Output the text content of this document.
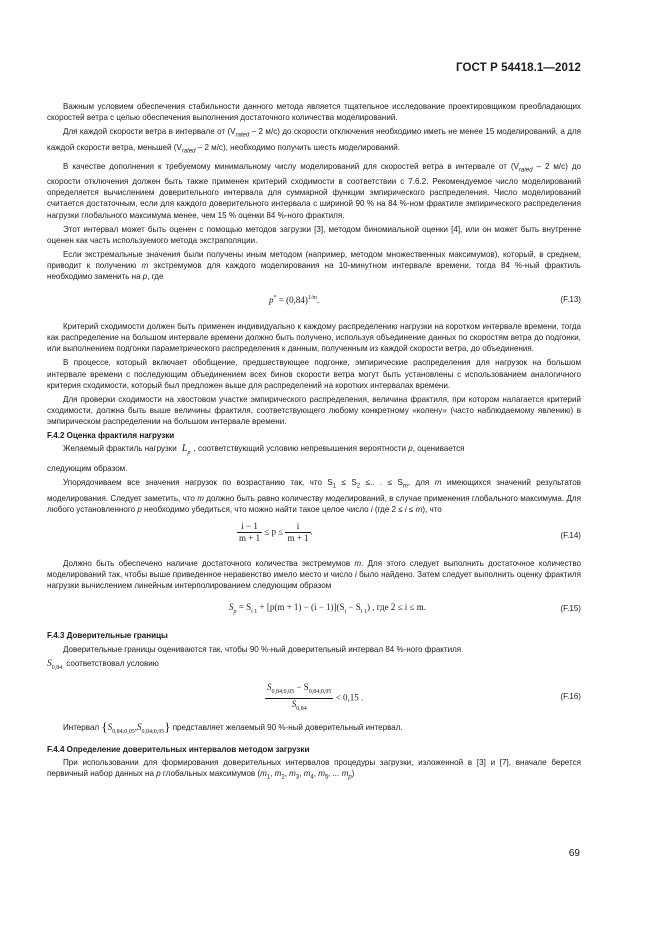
ГОСТ Р 54418.1—2012

Важным условием обеспечения стабильности данного метода является тщательное исследование проектировщиком преобладающих скоростей ветра с целью обеспечения выполнения достаточного количества моделирований.

Для каждой скорости ветра в интервале от ($V_{rated} - 2$ м/с) до скорости отключения необходимо иметь не менее 15 моделирований, а для каждой скорости ветра, меньшей ($V_{rated} - 2$ м/с), необходимо получить шесть моделирований.

В качестве дополнения к требуемому минимальному числу моделирований для скоростей ветра в интервале от ($V_{rated} - 2$ м/с) до скорости отключения должен быть также применен критерий сходимости в соответствии с 7.6.2. Рекомендуемое число моделирований определяется вычислением доверительного интервала для суммарной функции эмпирического распределения. Число моделирований считается достаточным, если для каждого доверительного интервала с шириной 90 % на 84 %-ном фрактиле эмпирического распределения нагрузки глобального максимума менее, чем 15 % оценки 84 %-ного фрактиля.

Этот интервал может быть оценен с помощью методов загрузки [3], методом биномиальной оценки [4], или он может быть внутренне оценен как часть используемого метода экстраполяции.

Если экстремальные значения были получены иным методом (например, методом множественных максимумов), который, в среднем, приводит к получению m экстремумов для каждого моделирования на 10-минутном интервале времени, тогда 84 %-ный фрактиль необходимо заменить на p, где

$p^* = (0,84)^{1/m}$.	(F.13)

Критерий сходимости должен быть применен индивидуально к каждому распределению нагрузки на коротком интервале времени, тогда как распределение на большом интервале времени должно быть получено, используя объединение данных по скоростям ветра до подгонки, или выполнением подгонки параметрического распределения к данным, полученным из каждой скорости ветра, до объединения.

В процессе, который включает обобщение, предшествующее подгонке, эмпирические распределения для нагрузок на большом интервале времени с последующим объединением всех бинов скорости ветра могут быть установлены с использованием аналогичного критерия сходимости, который был предложен выше для распределений на коротких интервалах времени.

Для проверки сходимости на хвостовом участке эмпирического распределения, величина фрактиля, при котором налагается критерий сходимости, должна быть выше величины фрактиля, соответствующего любому конкретному «колену» (часто наблюдаемому явлению) в эмпирическом распределении на большом интервале времени.

F.4.2 Оценка фрактиля нагрузки

Желаемый фрактиль нагрузки $L_p$ , соответствующий условию непревышения вероятности p, оценивается

следующим образом.

Упорядочиваем все значения нагрузок по возрастанию так, что $S_1 \le S_2$ ≤.. . ≤ $S_m$, для m имеющихся значений результатов моделирования. Следует заметить, что m должно быть равно количеству моделирований, в случае применения глобального максимума. Для любого установленного p необходимо убедиться, что можно найти такое целое число i (где 2 ≤ i ≤ m), что

$\frac{i - 1}{m + 1} \le p \le \frac{i}{m + 1}$ .	(F.14)

Должно быть обеспечено наличие достаточного количества экстремумов m. Для этого следует выполнить достаточное количество моделирований так, чтобы выше приведенное неравенство имело место и число i было найдено. Затем следует выполнить оценку фрактиля нагрузки вычислением линейным интерполированием следующим образом

$S_p = S_{i 1} + [p(m + 1) - (i - 1)](S_i - S_{i 1})$ , где 2 ≤ i ≤ m.	(F.15)
F.4.3 Доверительные границы

Доверительные границы оцениваются так, чтобы 90 %-ный доверительный интервал 84 %-ного фрактиля

$S_{0,84}$ соответствовал условию

$\frac{S_{0,84;0,05} - S_{0,84;0,95}}{S_{0,84}} < 0,15$ .	(F.16)

Интервал $\{S_{0,84;0,05},S_{0,84;0,95}\}$ представляет желаемый 90 %-ный доверительный интервал.

F.4.4 Определение доверительных интервалов методом загрузки

При использовании для формирования доверительных интервалов процедуры загрузки, изложенной в [3] и [7], вначале берется первичный набор данных на p глобальных максимумов ($m_1$, $m_2$, $m_3$, $m_4$, $m_5$, ... $m_p$)

69
